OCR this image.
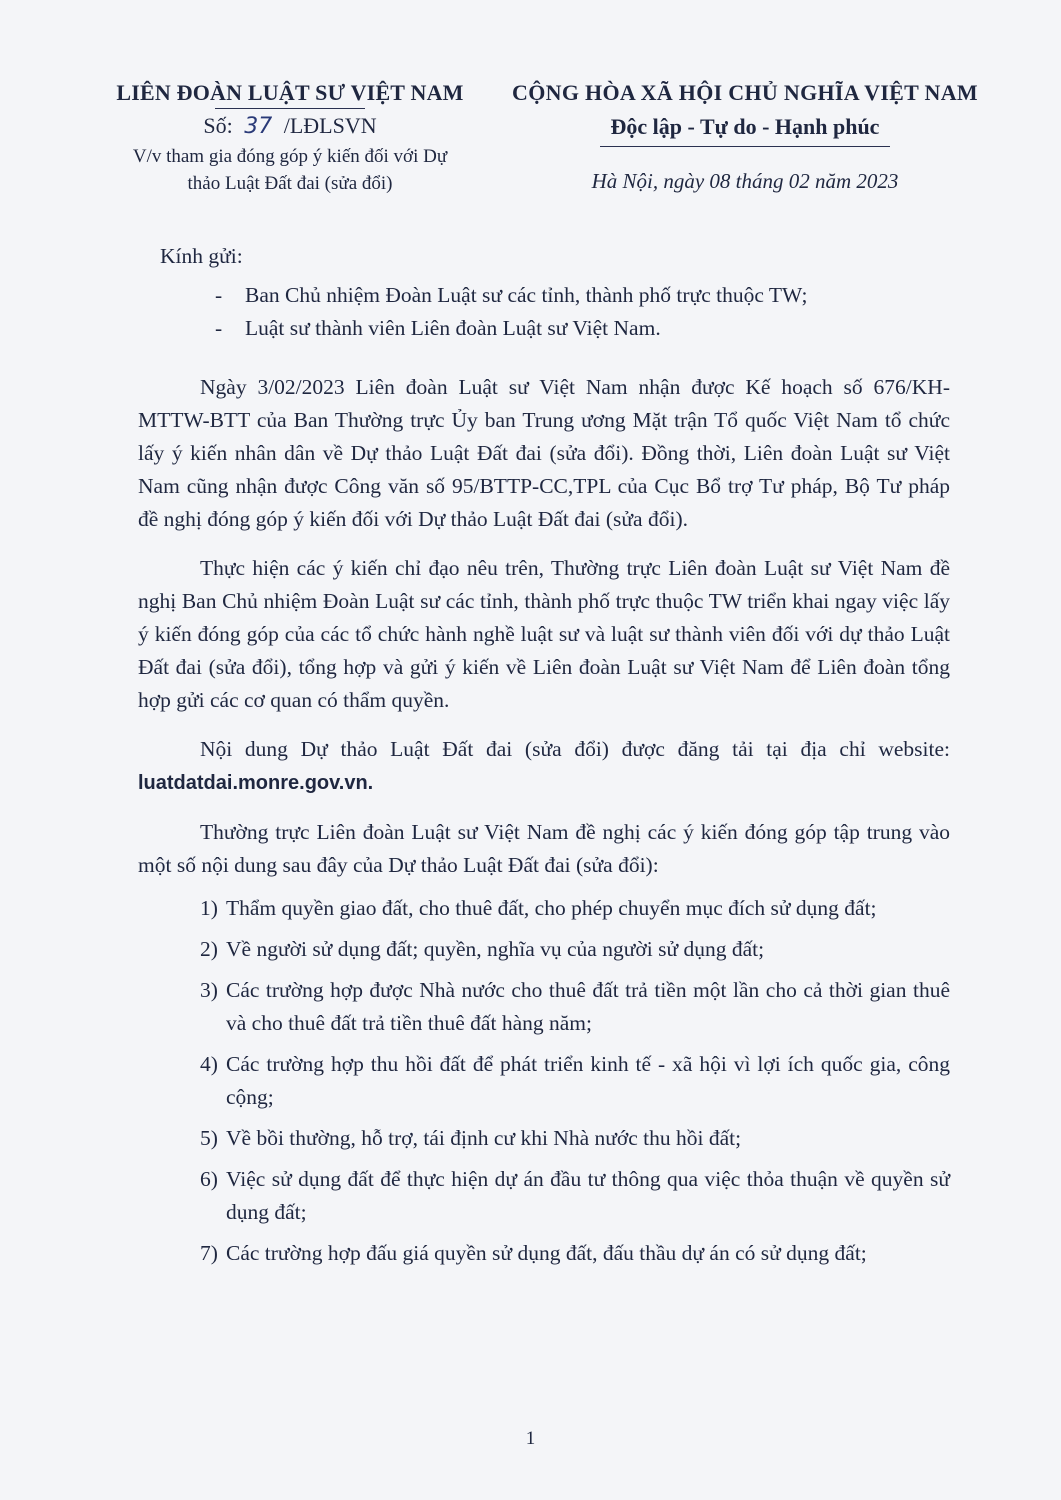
LIÊN ĐOÀN LUẬT SƯ VIỆT NAM
Số: 37 /LĐLSVN
V/v tham gia đóng góp ý kiến đối với Dự
thảo Luật Đất đai (sửa đổi)
CỘNG HÒA XÃ HỘI CHỦ NGHĨA VIỆT NAM
Độc lập - Tự do - Hạnh phúc
Hà Nội, ngày 08 tháng 02 năm 2023
Kính gửi:
- Ban Chủ nhiệm Đoàn Luật sư các tỉnh, thành phố trực thuộc TW;
- Luật sư thành viên Liên đoàn Luật sư Việt Nam.

Ngày 3/02/2023 Liên đoàn Luật sư Việt Nam nhận được Kế hoạch số 676/KH-MTTW-BTT của Ban Thường trực Ủy ban Trung ương Mặt trận Tổ quốc Việt Nam tổ chức lấy ý kiến nhân dân về Dự thảo Luật Đất đai (sửa đổi). Đồng thời, Liên đoàn Luật sư Việt Nam cũng nhận được Công văn số 95/BTTP-CC,TPL của Cục Bổ trợ Tư pháp, Bộ Tư pháp đề nghị đóng góp ý kiến đối với Dự thảo Luật Đất đai (sửa đổi).

Thực hiện các ý kiến chỉ đạo nêu trên, Thường trực Liên đoàn Luật sư Việt Nam đề nghị Ban Chủ nhiệm Đoàn Luật sư các tỉnh, thành phố trực thuộc TW triển khai ngay việc lấy ý kiến đóng góp của các tổ chức hành nghề luật sư và luật sư thành viên đối với dự thảo Luật Đất đai (sửa đổi), tổng hợp và gửi ý kiến về Liên đoàn Luật sư Việt Nam để Liên đoàn tổng hợp gửi các cơ quan có thẩm quyền.

Nội dung Dự thảo Luật Đất đai (sửa đổi) được đăng tải tại địa chỉ website: luatdatdai.monre.gov.vn.

Thường trực Liên đoàn Luật sư Việt Nam đề nghị các ý kiến đóng góp tập trung vào một số nội dung sau đây của Dự thảo Luật Đất đai (sửa đổi):

1) Thẩm quyền giao đất, cho thuê đất, cho phép chuyển mục đích sử dụng đất;
2) Về người sử dụng đất; quyền, nghĩa vụ của người sử dụng đất;
3) Các trường hợp được Nhà nước cho thuê đất trả tiền một lần cho cả thời gian thuê và cho thuê đất trả tiền thuê đất hàng năm;
4) Các trường hợp thu hồi đất để phát triển kinh tế - xã hội vì lợi ích quốc gia, công cộng;
5) Về bồi thường, hỗ trợ, tái định cư khi Nhà nước thu hồi đất;
6) Việc sử dụng đất để thực hiện dự án đầu tư thông qua việc thỏa thuận về quyền sử dụng đất;
7) Các trường hợp đấu giá quyền sử dụng đất, đấu thầu dự án có sử dụng đất;
1
